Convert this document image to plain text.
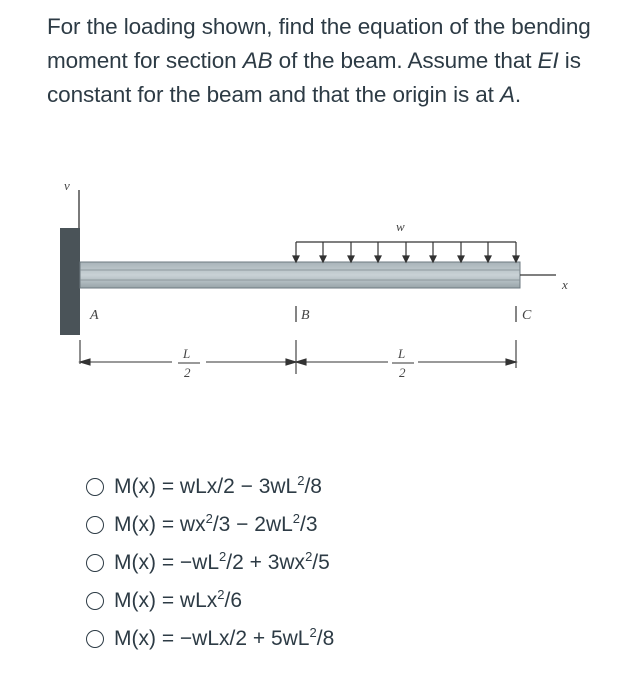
For the loading shown, find the equation of the bending moment for section AB of the beam. Assume that EI is constant for the beam and that the origin is at A.

v
x
w
A	B	C
L
2
L
2
$M(x) = wLx/2 - 3wL^2/8$
$M(x) = wx^2/3 - 2wL^2/3$
$M(x) = -wL^2/2 + 3wx^2/5$
M(x) = wLx$^2$/6
$M(x) = -wLx/2 + 5wL^2/8$
